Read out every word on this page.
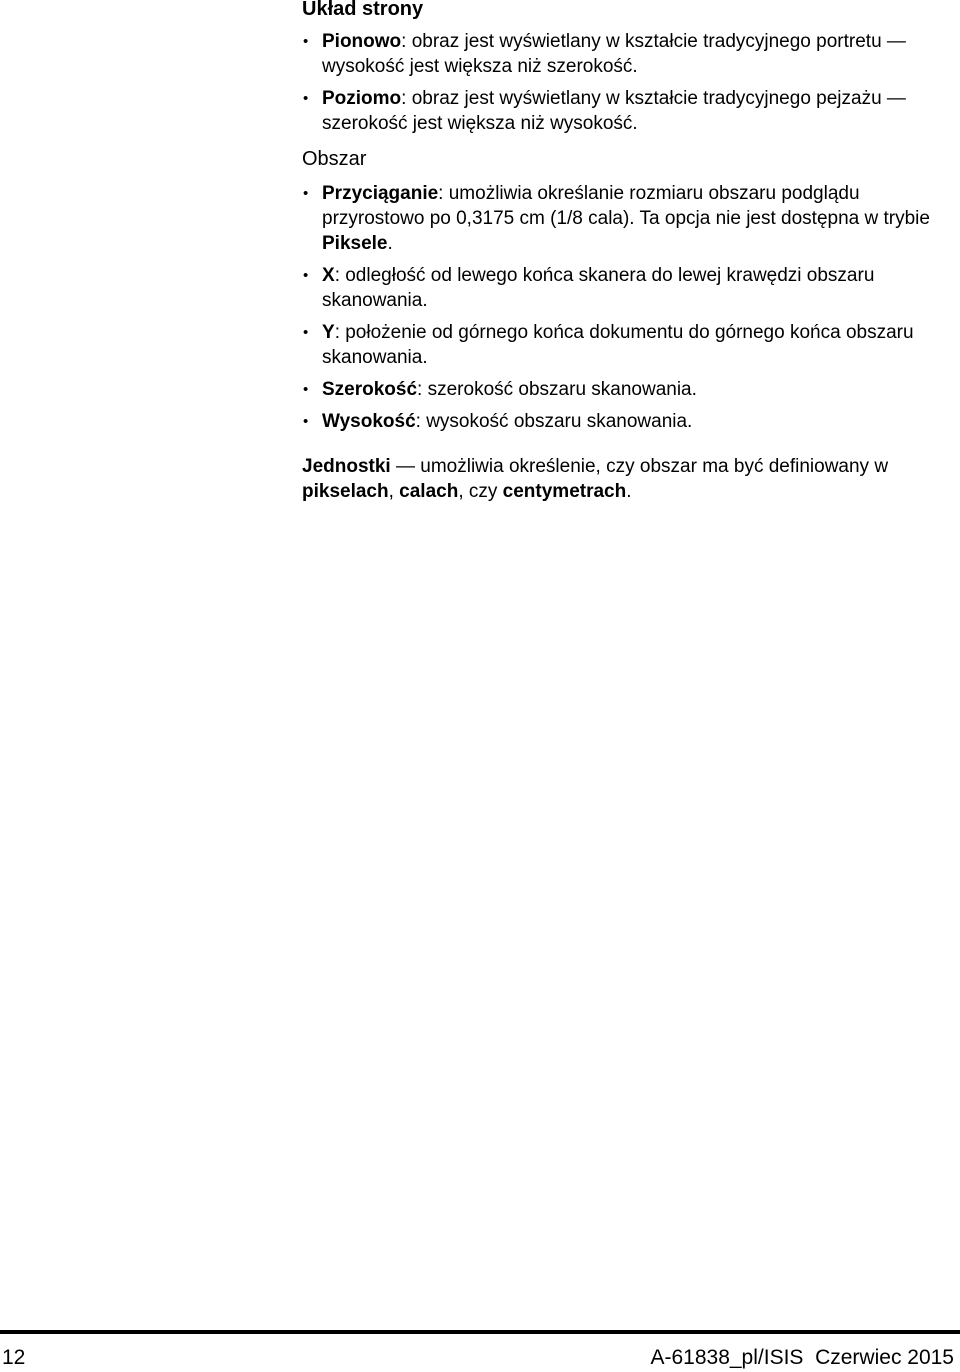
Układ strony
• Pionowo: obraz jest wyświetlany w kształcie tradycyjnego portretu — wysokość jest większa niż szerokość.
• Poziomo: obraz jest wyświetlany w kształcie tradycyjnego pejzażu — szerokość jest większa niż wysokość.
Obszar
• Przyciąganie: umożliwia określanie rozmiaru obszaru podglądu przyrostowo po 0,3175 cm (1/8 cala). Ta opcja nie jest dostępna w trybie Piksele.
• X: odległość od lewego końca skanera do lewej krawędzi obszaru skanowania.
• Y: położenie od górnego końca dokumentu do górnego końca obszaru skanowania.
• Szerokość: szerokość obszaru skanowania.
• Wysokość: wysokość obszaru skanowania.

Jednostki — umożliwia określenie, czy obszar ma być definiowany w pikselach, calach, czy centymetrach.

12	A-61838_pl/ISIS  Czerwiec 2015
